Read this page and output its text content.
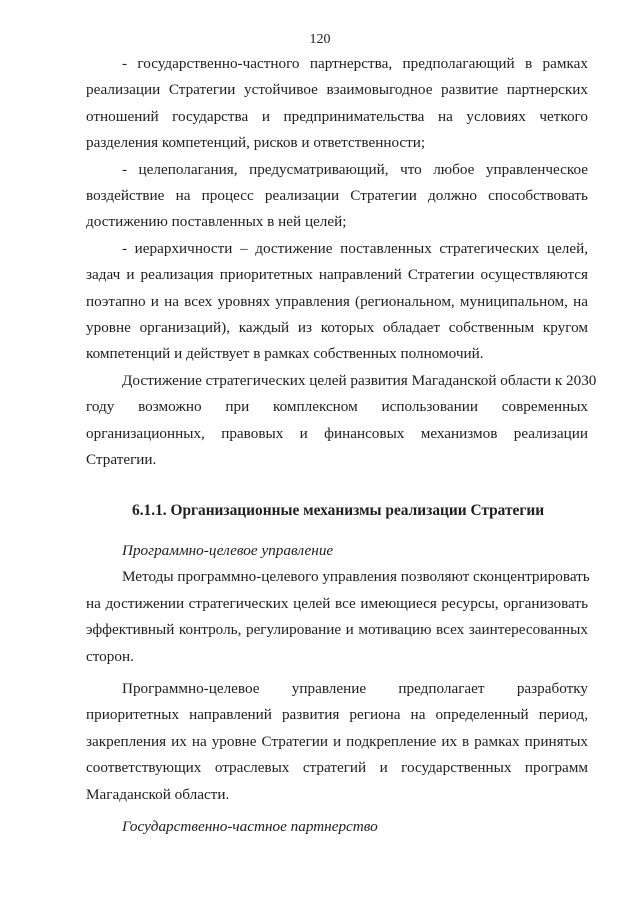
120
- государственно-частного партнерства, предполагающий в рамках
реализации Стратегии устойчивое взаимовыгодное развитие партнерских
отношений государства и предпринимательства на условиях четкого
разделения компетенций, рисков и ответственности;
- целеполагания, предусматривающий, что любое управленческое
воздействие на процесс реализации Стратегии должно способствовать
достижению поставленных в ней целей;
- иерархичности – достижение поставленных стратегических целей,
задач и реализация приоритетных направлений Стратегии осуществляются
поэтапно и на всех уровнях управления (региональном, муниципальном, на
уровне организаций), каждый из которых обладает собственным кругом
компетенций и действует в рамках собственных полномочий.
Достижение стратегических целей развития Магаданской области к 2030
году возможно при комплексном использовании современных
организационных, правовых и финансовых механизмов реализации
Стратегии.
6.1.1. Организационные механизмы реализации Стратегии
Программно-целевое управление
Методы программно-целевого управления позволяют сконцентрировать
на достижении стратегических целей все имеющиеся ресурсы, организовать
эффективный контроль, регулирование и мотивацию всех заинтересованных
сторон.
Программно-целевое управление предполагает разработку
приоритетных направлений развития региона на определенный период,
закрепления их на уровне Стратегии и подкрепление их в рамках принятых
соответствующих отраслевых стратегий и государственных программ
Магаданской области.
Государственно-частное партнерство
